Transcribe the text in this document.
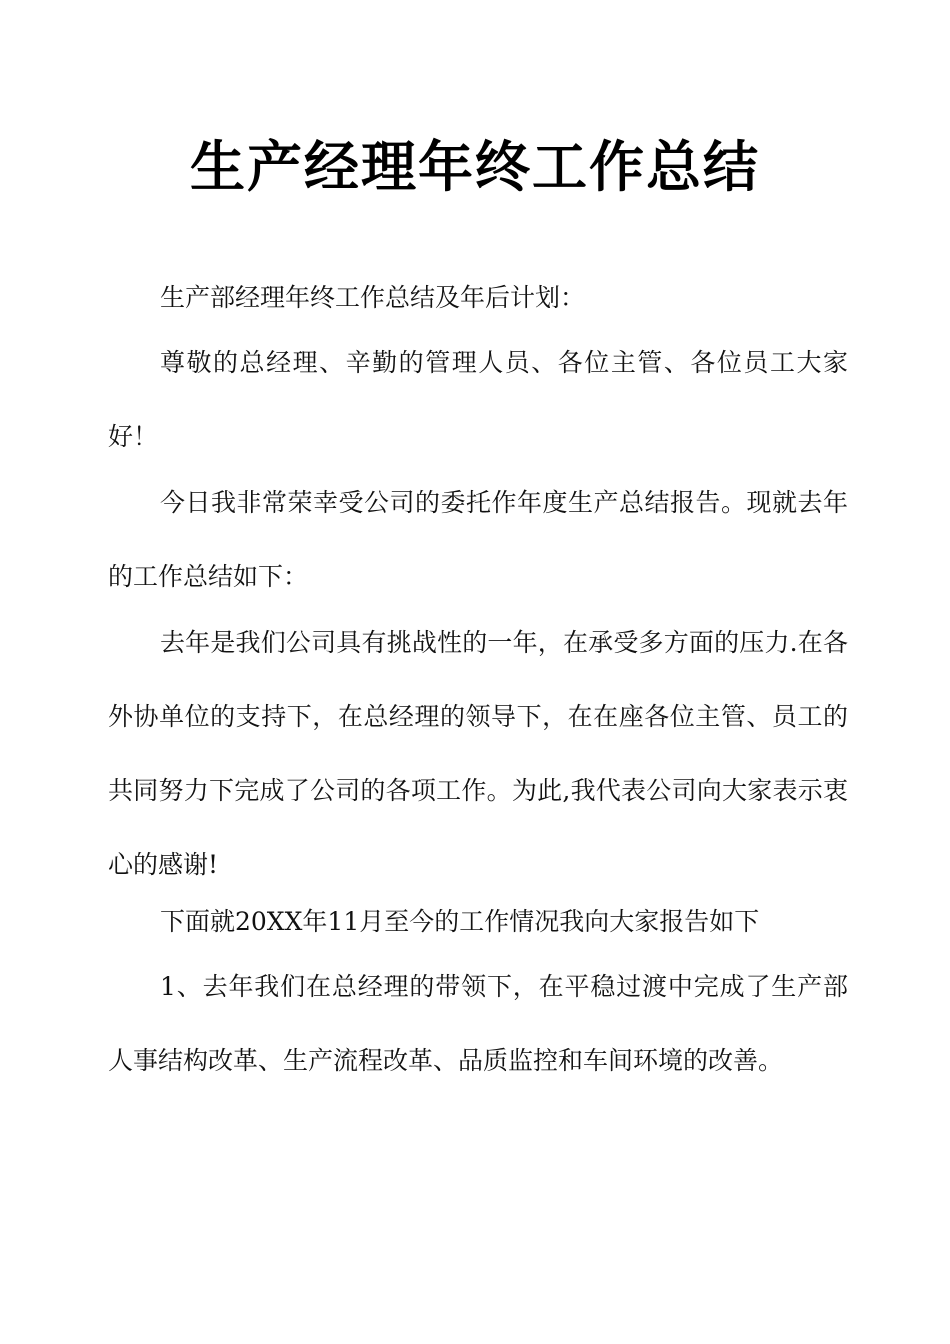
生产经理年终工作总结

生产部经理年终工作总结及年后计划：

尊敬的总经理、辛勤的管理人员、各位主管、各位员工大家好！

今日我非常荣幸受公司的委托作年度生产总结报告。现就去年的工作总结如下：

去年是我们公司具有挑战性的一年，在承受多方面的压力.在各外协单位的支持下，在总经理的领导下，在在座各位主管、员工的共同努力下完成了公司的各项工作。为此,我代表公司向大家表示衷心的感谢!

下面就20XX年11月至今的工作情况我向大家报告如下

1、去年我们在总经理的带领下，在平稳过渡中完成了生产部人事结构改革、生产流程改革、品质监控和车间环境的改善。
